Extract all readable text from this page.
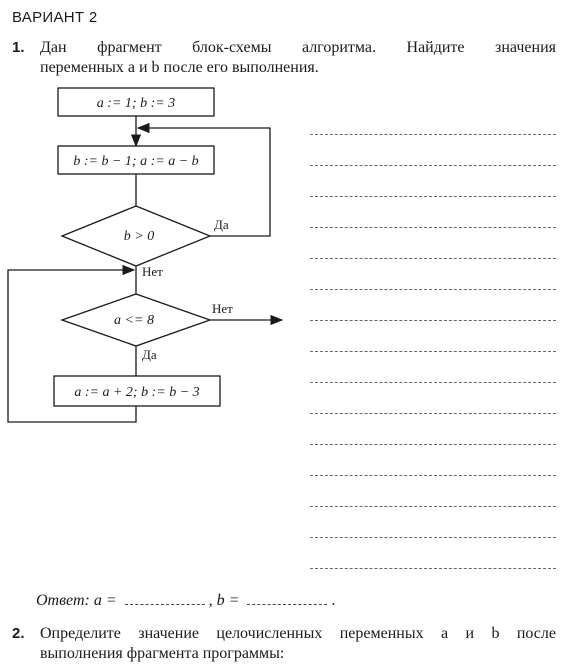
ВАРИАНТ 2
1. Дан фрагмент блок-схемы алгоритма. Найдите значения
переменных a и b после его выполнения.
a := 1; b := 3
b := b − 1; a := a − b
b > 0
Да
Нет
a <= 8
Нет
Да
a := a + 2; b := b − 3
Ответ: a =	, b =	.
2. Определите значение целочисленных переменных a и b после
выполнения фрагмента программы:
